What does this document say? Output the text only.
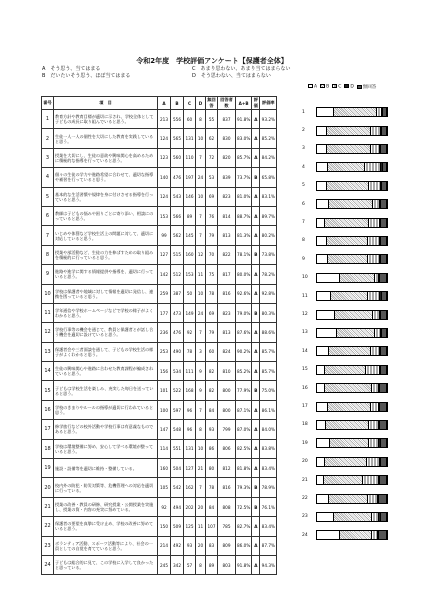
令和2年度　学校評価アンケート【保護者全体】
A　そう思う、当てはまる	C　あまり思わない、あまり当てはまらない
B　だいたいそう思う、ほぼ当てはまる	D　そう思わない、当てはまらない
A	B	C	D	無回答
番号	項　目	A	B	C	D	無回答	回答者数	A+B	評価	評価率
1	教育方針や教育目標が適切に示され、学校全体として子どもの成長に取り組んでいると思う。	213	556	60	8	55	837	91.8%	A	93.2%
2	生徒一人一人の個性を大切にした教育を実践していると思う。	124	565	131	10	62	830	83.0%	A	85.2%
3	授業を大切にし、生徒の意欲や興味関心を高めるために積極的な指導を行っていると思う。	123	560	110	7	72	820	85.7%	A	84.2%
4	個々の生徒の学力や進路希望に合わせて、適切な指導や補習を行っていると思う。	140	476	197	24	53	839	73.7%	B	65.8%
5	基本的な生活習慣や規律を身に付けさせる指導を行っていると思う。	124	543	146	10	69	823	81.0%	A	83.1%
6	教師は子どもの悩みや困りごとに寄り添い、相談にのっていると思う。	153	566	89	7	76	814	88.7%	A	89.7%
7	いじめや体罰など学校生活上の問題に対して、適切に対応していると思う。	99	562	145	7	79	813	81.3%	A	80.2%
8	授業や部活動など、生徒の力を伸ばすための取り組みを積極的に行っていると思う。	127	515	160	12	70	822	78.1%	B	73.8%
9	進路や進学に関する情報提供や指導を、適切に行っていると思う。	142	512	153	11	75	817	80.0%	A	78.2%
10	学校は保護者や地域に対して情報を適切に発信し、連携を図っていると思う。	259	387	50	10	78	816	92.6%	A	92.8%
11	学年通信や学校ホームページなどで学校の様子がよくわかると思う。	177	473	149	24	69	823	79.0%	B	80.3%
12	学校行事等の機会を通じて、教員と保護者とが話し合う機会を適切に設けていると思う。	236	476	92	7	79	813	87.6%	A	88.6%
13	保護者会や三者面談を通して、子どもの学校生活の様子がよくわかると思う。	253	490	78	3	60	824	90.2%	A	85.7%
14	生徒の興味関心や進路に合わせた教育課程が編成されていると思う。	156	534	111	9	82	810	85.2%	A	85.7%
15	子どもは学校生活を楽しみ、充実した毎日を送っていると思う。	101	522	168	9	82	800	77.9%	B	75.0%
16	学校のきまりやルールの指導が適切に行われていると思う。	100	597	96	7	84	800	87.1%	A	86.1%
17	修学旅行などの校外活動や学校行事は有意義なものであると思う。	147	548	96	8	93	799	87.0%	A	84.0%
18	学校は環境整備に努め、安心して学べる環境が整っていると思う。	114	551	131	10	86	806	82.5%	A	83.8%
19	施設・設備等を適切に維持・整備している。	160	504	127	21	80	812	81.8%	A	83.4%
20	校内外の防犯・防災対策等、危機管理への対応を適切に行っている。	105	542	162	7	78	816	79.3%	B	78.9%
21	授業の改善・教員の研修、研究授業・公開授業を実施し、授業の質・内容の充実に努めている。	92	494	202	20	84	808	72.5%	B	76.1%
22	保護者の要望を真摯に受け止め、学校の改善に努めていると思う。	150	509	125	11	107	785	82.7%	A	83.4%
23	ボランティア活動、スポーツ活動等により、社会の一員としての自覚を育てていると思う。	214	492	93	20	83	809	86.0%	A	87.7%
24	子どもは総合的に見て、この学校に入学して良かったと思っている。	245	342	57	8	89	803	91.8%	A	94.3%
1
2
3
4
5
6
7
8
9
10
11
12
13
14
15
16
17
18
19
20
21
22
23
24
